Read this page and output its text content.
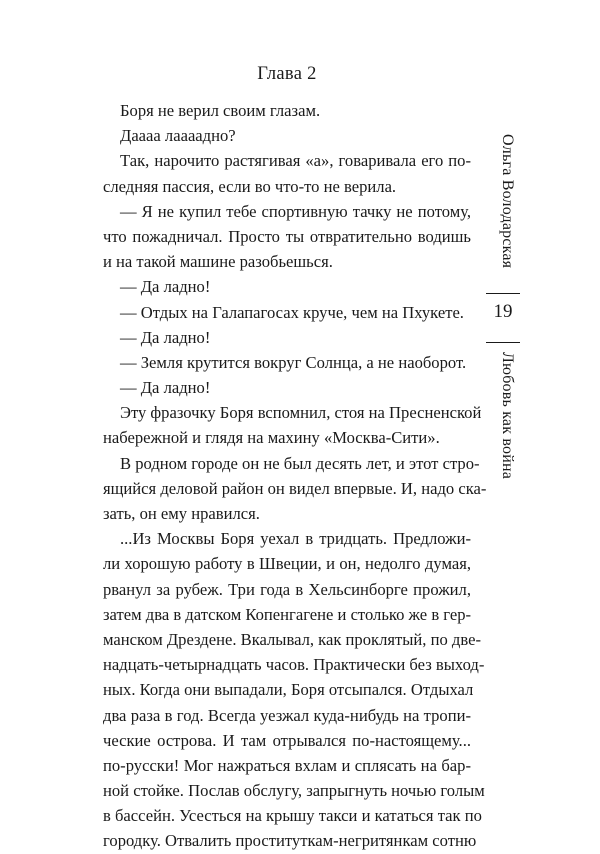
Глава 2
Боря не верил своим глазам.
Даааа лааааднo?
Так, нарочито растягивая «а», говаривала его по-
следняя пассия, если во что-то не верила.
— Я не купил тебе спортивную тачку не потому,
что пожадничал. Просто ты отвратительно водишь
и на такой машине разобьешься.
— Да ладно!
— Отдых на Галапагосах круче, чем на Пхукете.
— Да ладно!
— Земля крутится вокруг Солнца, а не наоборот.
— Да ладно!
Эту фразочку Боря вспомнил, стоя на Пресненской
набережной и глядя на махину «Москва-Сити».
В родном городе он не был десять лет, и этот стро-
ящийся деловой район он видел впервые. И, надо ска-
зать, он ему нравился.
...Из Москвы Боря уехал в тридцать. Предложи-
ли хорошую работу в Швеции, и он, недолго думая,
рванул за рубеж. Три года в Хельсинборге прожил,
затем два в датском Копенгагене и столько же в гер-
манском Дрездене. Вкалывал, как проклятый, по две-
надцать-четырнадцать часов. Практически без выход-
ных. Когда они выпадали, Боря отсыпался. Отдыхал
два раза в год. Всегда уезжал куда-нибудь на тропи-
ческие острова. И там отрывался по-настоящему...
по-русски! Мог нажраться вхлам и сплясать на бар-
ной стойке. Послав обслугу, запрыгнуть ночью голым
в бассейн. Усесться на крышу такси и кататься так по
городку. Отвалить проституткам-негритянкам сотню
Ольга Володарская
19
Любовь как война
